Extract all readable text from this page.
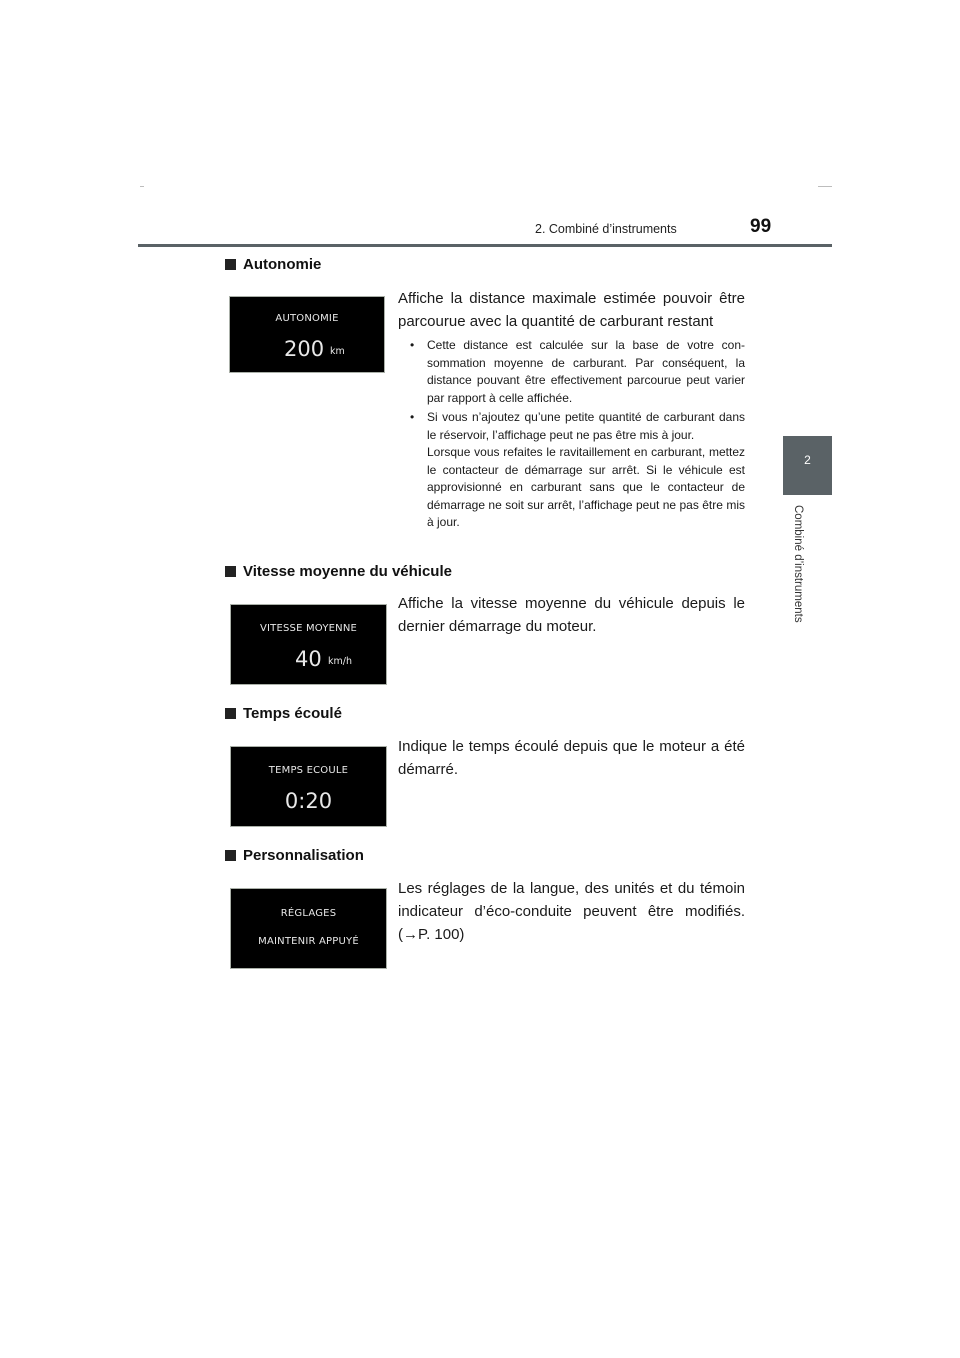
2. Combiné d’instruments	99
2
Combiné d’instruments
Autonomie
AUTONOMIE
200 km
Affiche la distance maximale estimée pouvoir être parcourue avec la quantité de carburant restant
• Cette distance est calculée sur la base de votre con-sommation moyenne de carburant. Par conséquent, la distance pouvant être effectivement parcourue peut varier par rapport à celle affichée.
• Si vous n’ajoutez qu’une petite quantité de carburant dans le réservoir, l’affichage peut ne pas être mis à jour.
Lorsque vous refaites le ravitaillement en carburant, mettez le contacteur de démarrage sur arrêt. Si le véhicule est approvisionné en carburant sans que le contacteur de démarrage ne soit sur arrêt, l’affichage peut ne pas être mis à jour.
Vitesse moyenne du véhicule
VITESSE MOYENNE
40 km/h
Affiche la vitesse moyenne du véhicule depuis le dernier démarrage du moteur.
Temps écoulé
TEMPS ECOULE
0:20
Indique le temps écoulé depuis que le moteur a été démarré.
Personnalisation
RÉGLAGES
MAINTENIR APPUYÉ
Les réglages de la langue, des unités et du témoin indicateur d’éco-conduite peuvent être modifiés. (→P. 100)
